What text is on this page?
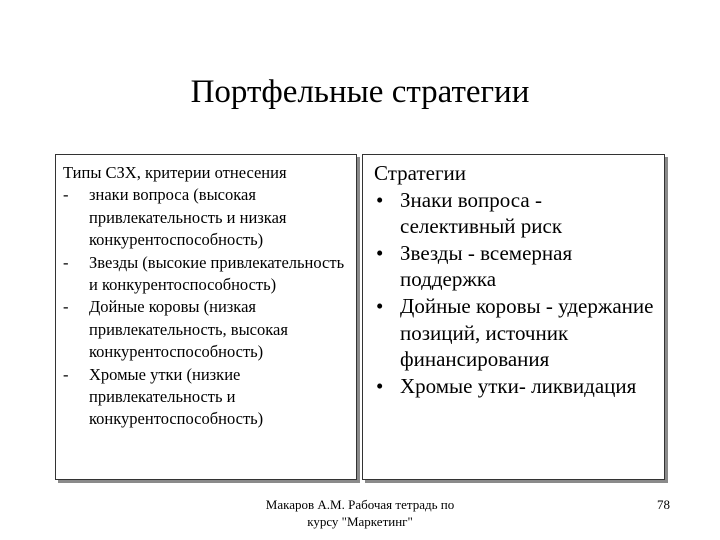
Портфельные стратегии
Типы СЗХ, критерии отнесения
- знаки вопроса (высокая привлекательность и низкая конкурентоспособность)
- Звезды (высокие привлекательность и конкурентоспособность)
- Дойные коровы (низкая привлекательность, высокая конкурентоспособность)
- Хромые утки (низкие привлекательность и конкурентоспособность)
Стратегии
• Знаки вопроса - селективный риск
• Звезды - всемерная поддержка
• Дойные коровы - удержание позиций, источник финансирования
• Хромые утки- ликвидация
Макаров А.М. Рабочая тетрадь по
курсу "Маркетинг"
78
